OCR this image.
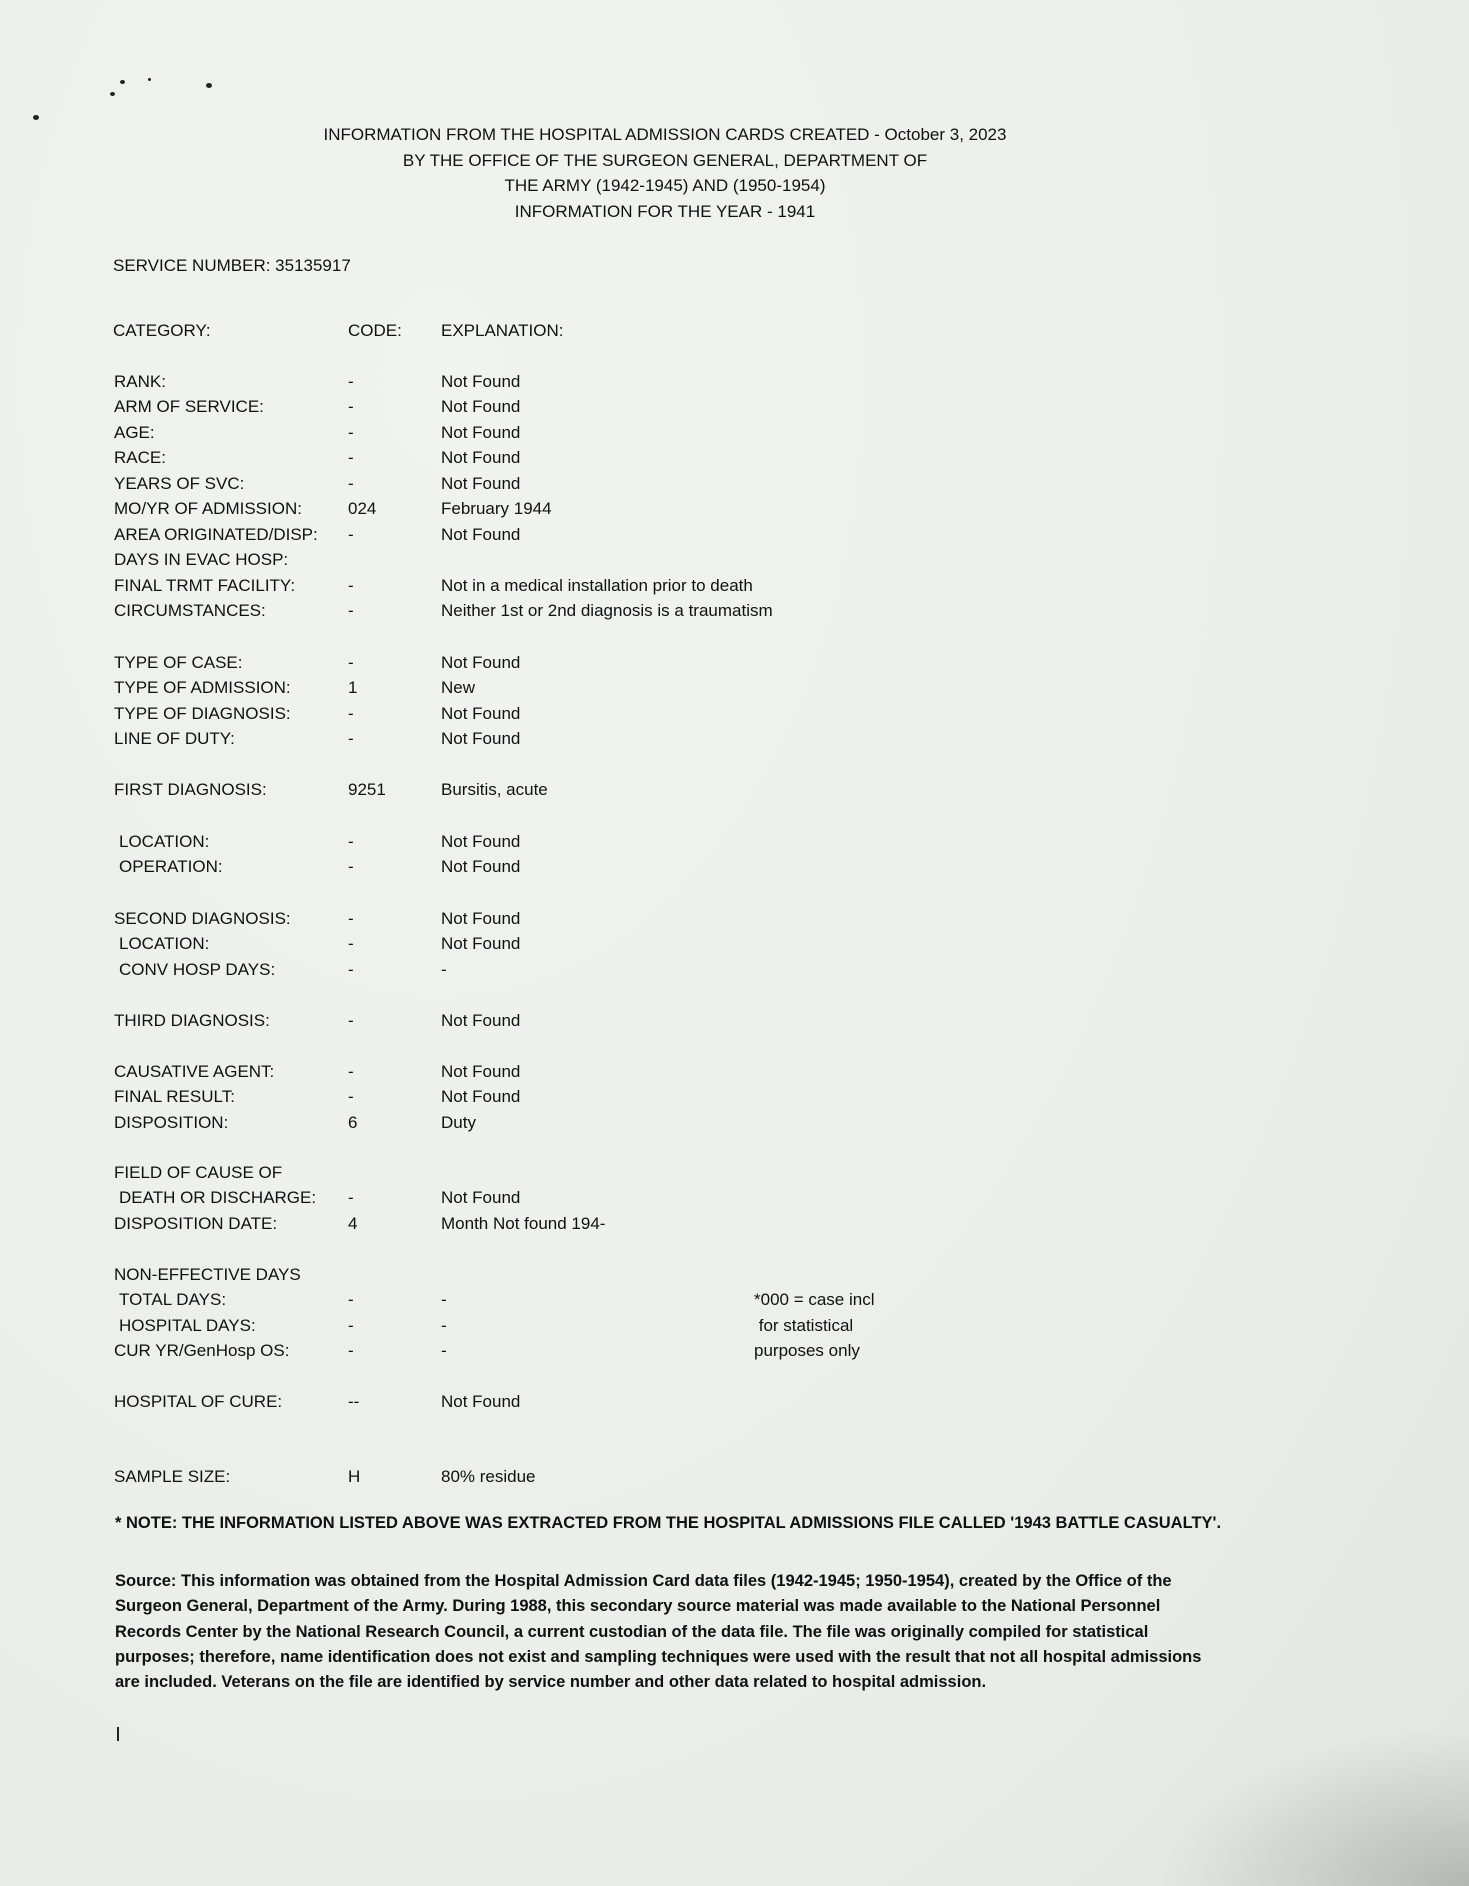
INFORMATION FROM THE HOSPITAL ADMISSION CARDS CREATED - October 3, 2023
BY THE OFFICE OF THE SURGEON GENERAL, DEPARTMENT OF
THE ARMY (1942-1945) AND (1950-1954)
INFORMATION FOR THE YEAR - 1941
SERVICE NUMBER: 35135917
CATEGORY:	CODE: EXPLANATION:
RANK:	-	Not Found
ARM OF SERVICE:	-	Not Found
AGE:	-	Not Found
RACE:	-	Not Found
YEARS OF SVC:	-	Not Found
MO/YR OF ADMISSION:	024	February 1944
AREA ORIGINATED/DISP: -	Not Found
DAYS IN EVAC HOSP:
FINAL TRMT FACILITY:	-	Not in a medical installation prior to death
CIRCUMSTANCES:	-	Neither 1st or 2nd diagnosis is a traumatism
TYPE OF CASE:	-	Not Found
TYPE OF ADMISSION:	1	New
TYPE OF DIAGNOSIS:	-	Not Found
LINE OF DUTY:	-	Not Found
FIRST DIAGNOSIS:	9251	Bursitis, acute
LOCATION:	-	Not Found
OPERATION:	-	Not Found
SECOND DIAGNOSIS:	-	Not Found
LOCATION:	-	Not Found
CONV HOSP DAYS:	-	-
THIRD DIAGNOSIS:	-	Not Found
CAUSATIVE AGENT:	-	Not Found
FINAL RESULT:	-	Not Found
DISPOSITION:	6	Duty
FIELD OF CAUSE OF
DEATH OR DISCHARGE: -	Not Found
DISPOSITION DATE:	4	Month Not found 194-
NON-EFFECTIVE DAYS
TOTAL DAYS:	-	-
HOSPITAL DAYS:	-	-
CUR YR/GenHosp OS:	-	-
HOSPITAL OF CURE:	--	Not Found
SAMPLE SIZE:	H	80% residue
*000 = case incl
for statistical
purposes only
* NOTE: THE INFORMATION LISTED ABOVE WAS EXTRACTED FROM THE HOSPITAL ADMISSIONS FILE CALLED '1943 BATTLE CASUALTY'.
Source: This information was obtained from the Hospital Admission Card data files (1942-1945; 1950-1954), created by the Office of the
Surgeon General, Department of the Army. During 1988, this secondary source material was made available to the National Personnel
Records Center by the National Research Council, a current custodian of the data file. The file was originally compiled for statistical
purposes; therefore, name identification does not exist and sampling techniques were used with the result that not all hospital admissions
are included. Veterans on the file are identified by service number and other data related to hospital admission.
